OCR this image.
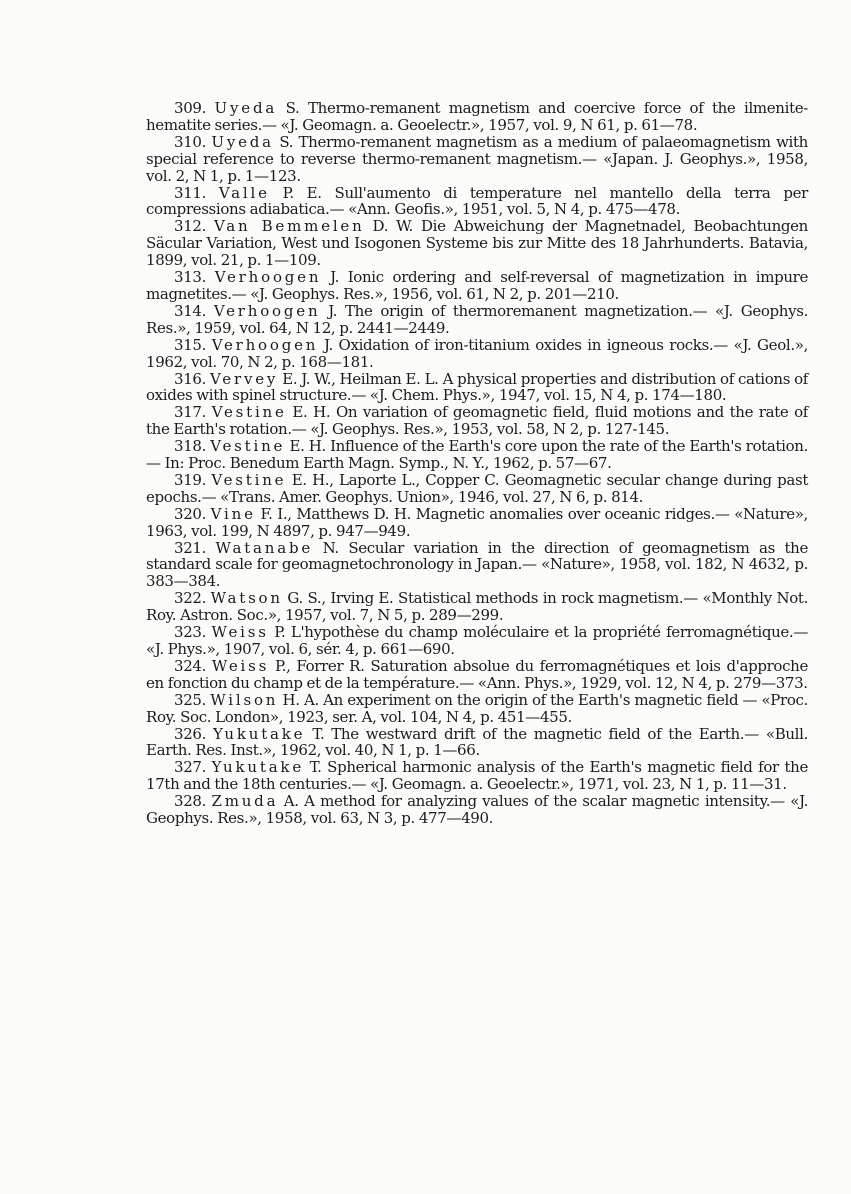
309. Uyeda S. Thermo-remanent magnetism and coercive force of the ilmenite-hematite series.— «J. Geomagn. a. Geoelectr.», 1957, vol. 9, N 61, p. 61—78.
310. Uyeda S. Thermo-remanent magnetism as a medium of palaeomagnetism with special reference to reverse thermo-remanent magnetism.— «Japan. J. Geophys.», 1958, vol. 2, N 1, p. 1—123.
311. Valle P. E. Sull'aumento di temperature nel mantello della terra per compressions adiabatica.— «Ann. Geofis.», 1951, vol. 5, N 4, p. 475—478.
312. Van Bemmelen D. W. Die Abweichung der Magnetnadel, Beobachtungen Säcular Variation, West und Isogonen Systeme bis zur Mitte des 18 Jahrhunderts. Batavia, 1899, vol. 21, p. 1—109.
313. Verhoogen J. Ionic ordering and self-reversal of magnetization in impure magnetites.— «J. Geophys. Res.», 1956, vol. 61, N 2, p. 201—210.
314. Verhoogen J. The origin of thermoremanent magnetization.— «J. Geophys. Res.», 1959, vol. 64, N 12, p. 2441—2449.
315. Verhoogen J. Oxidation of iron-titanium oxides in igneous rocks.— «J. Geol.», 1962, vol. 70, N 2, p. 168—181.
316. Vervey E. J. W., Heilman E. L. A physical properties and distribution of cations of oxides with spinel structure.— «J. Chem. Phys.», 1947, vol. 15, N 4, p. 174—180.
317. Vestine E. H. On variation of geomagnetic field, fluid motions and the rate of the Earth's rotation.— «J. Geophys. Res.», 1953, vol. 58, N 2, p. 127-145.
318. Vestine E. H. Influence of the Earth's core upon the rate of the Earth's rotation.— In: Proc. Benedum Earth Magn. Symp., N. Y., 1962, p. 57—67.
319. Vestine E. H., Laporte L., Copper C. Geomagnetic secular change during past epochs.— «Trans. Amer. Geophys. Union», 1946, vol. 27, N 6, p. 814.
320. Vine F. I., Matthews D. H. Magnetic anomalies over oceanic ridges.— «Nature», 1963, vol. 199, N 4897, p. 947—949.
321. Watanabe N. Secular variation in the direction of geomagnetism as the standard scale for geomagnetochronology in Japan.— «Nature», 1958, vol. 182, N 4632, p. 383—384.
322. Watson G. S., Irving E. Statistical methods in rock magnetism.— «Monthly Not. Roy. Astron. Soc.», 1957, vol. 7, N 5, p. 289—299.
323. Weiss P. L'hypothèse du champ moléculaire et la propriété ferromagnétique.— «J. Phys.», 1907, vol. 6, sér. 4, p. 661—690.
324. Weiss P., Forrer R. Saturation absolue du ferromagnétiques et lois d'approche en fonction du champ et de la température.— «Ann. Phys.», 1929, vol. 12, N 4, p. 279—373.
325. Wilson H. A. An experiment on the origin of the Earth's magnetic field — «Proc. Roy. Soc. London», 1923, ser. A, vol. 104, N 4, p. 451—455.
326. Yukutake T. The westward drift of the magnetic field of the Earth.— «Bull. Earth. Res. Inst.», 1962, vol. 40, N 1, p. 1—66.
327. Yukutake T. Spherical harmonic analysis of the Earth's magnetic field for the 17th and the 18th centuries.— «J. Geomagn. a. Geoelectr.», 1971, vol. 23, N 1, p. 11—31.
328. Zmuda A. A method for analyzing values of the scalar magnetic intensity.— «J. Geophys. Res.», 1958, vol. 63, N 3, p. 477—490.
